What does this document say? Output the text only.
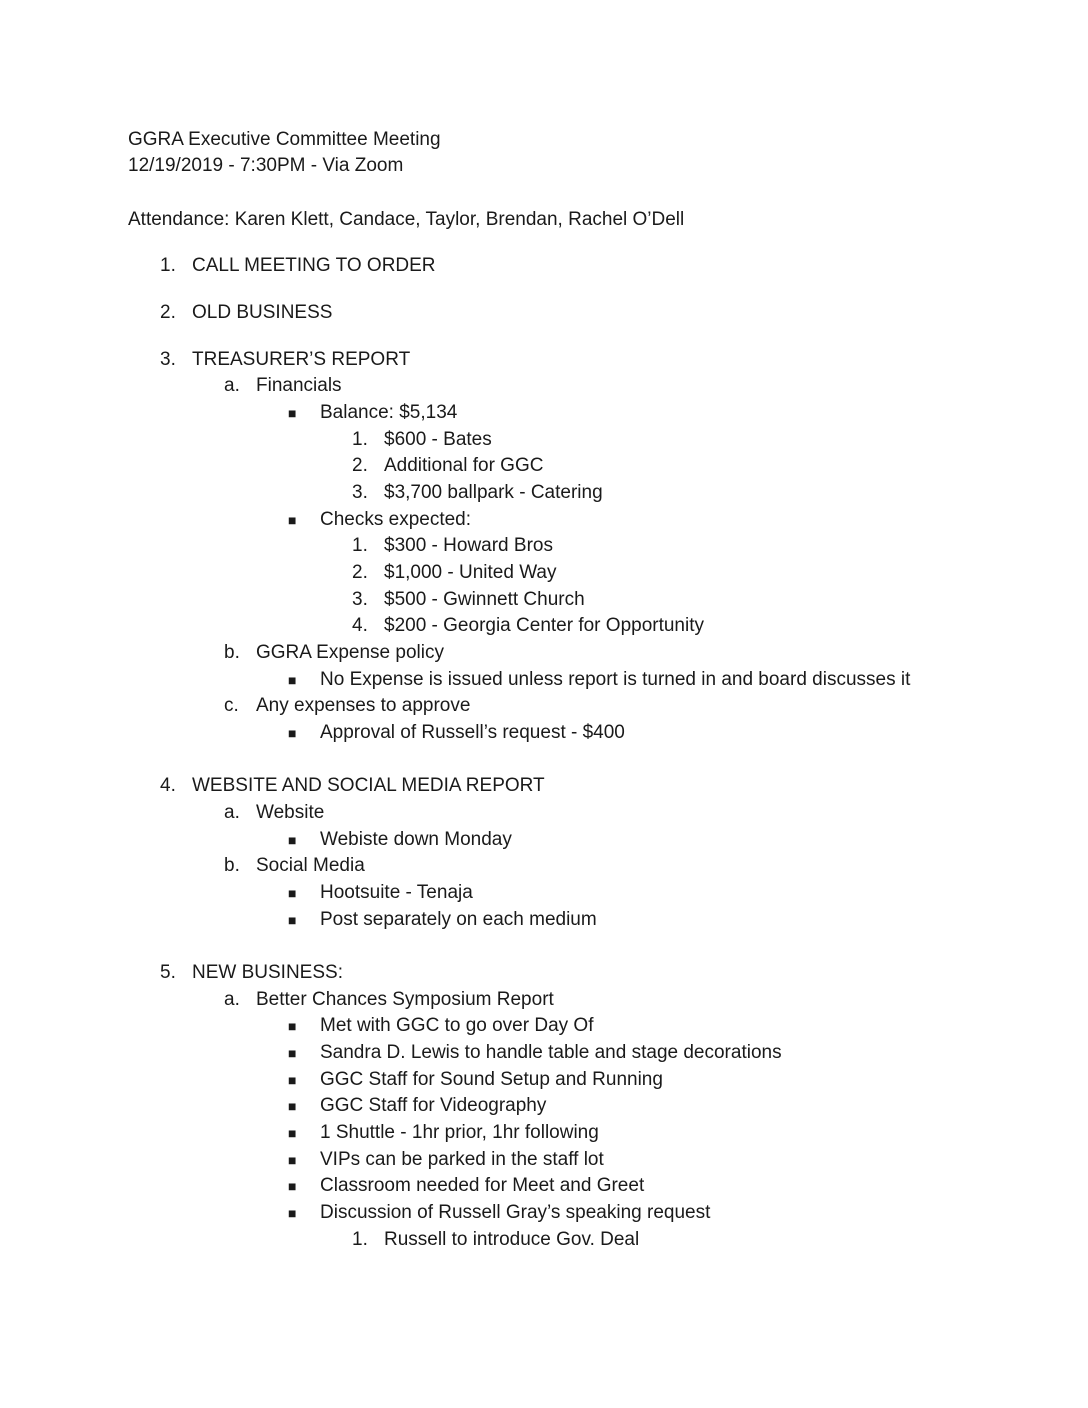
GGRA Executive Committee Meeting
12/19/2019 - 7:30PM - Via Zoom
Attendance: Karen Klett, Candace, Taylor, Brendan, Rachel O’Dell
1. CALL MEETING TO ORDER
2. OLD BUSINESS
3. TREASURER’S REPORT
a. Financials
■ Balance: $5,134
1. $600 - Bates
2. Additional for GGC
3. $3,700 ballpark - Catering
■ Checks expected:
1. $300 - Howard Bros
2. $1,000 - United Way
3. $500 - Gwinnett Church
4. $200 - Georgia Center for Opportunity
b. GGRA Expense policy
■ No Expense is issued unless report is turned in and board discusses it
c. Any expenses to approve
■ Approval of Russell’s request - $400
4. WEBSITE AND SOCIAL MEDIA REPORT
a. Website
■ Webiste down Monday
b. Social Media
■ Hootsuite - Tenaja
■ Post separately on each medium
5. NEW BUSINESS:
a. Better Chances Symposium Report
■ Met with GGC to go over Day Of
■ Sandra D. Lewis to handle table and stage decorations
■ GGC Staff for Sound Setup and Running
■ GGC Staff for Videography
■ 1 Shuttle - 1hr prior, 1hr following
■ VIPs can be parked in the staff lot
■ Classroom needed for Meet and Greet
■ Discussion of Russell Gray’s speaking request
1. Russell to introduce Gov. Deal
